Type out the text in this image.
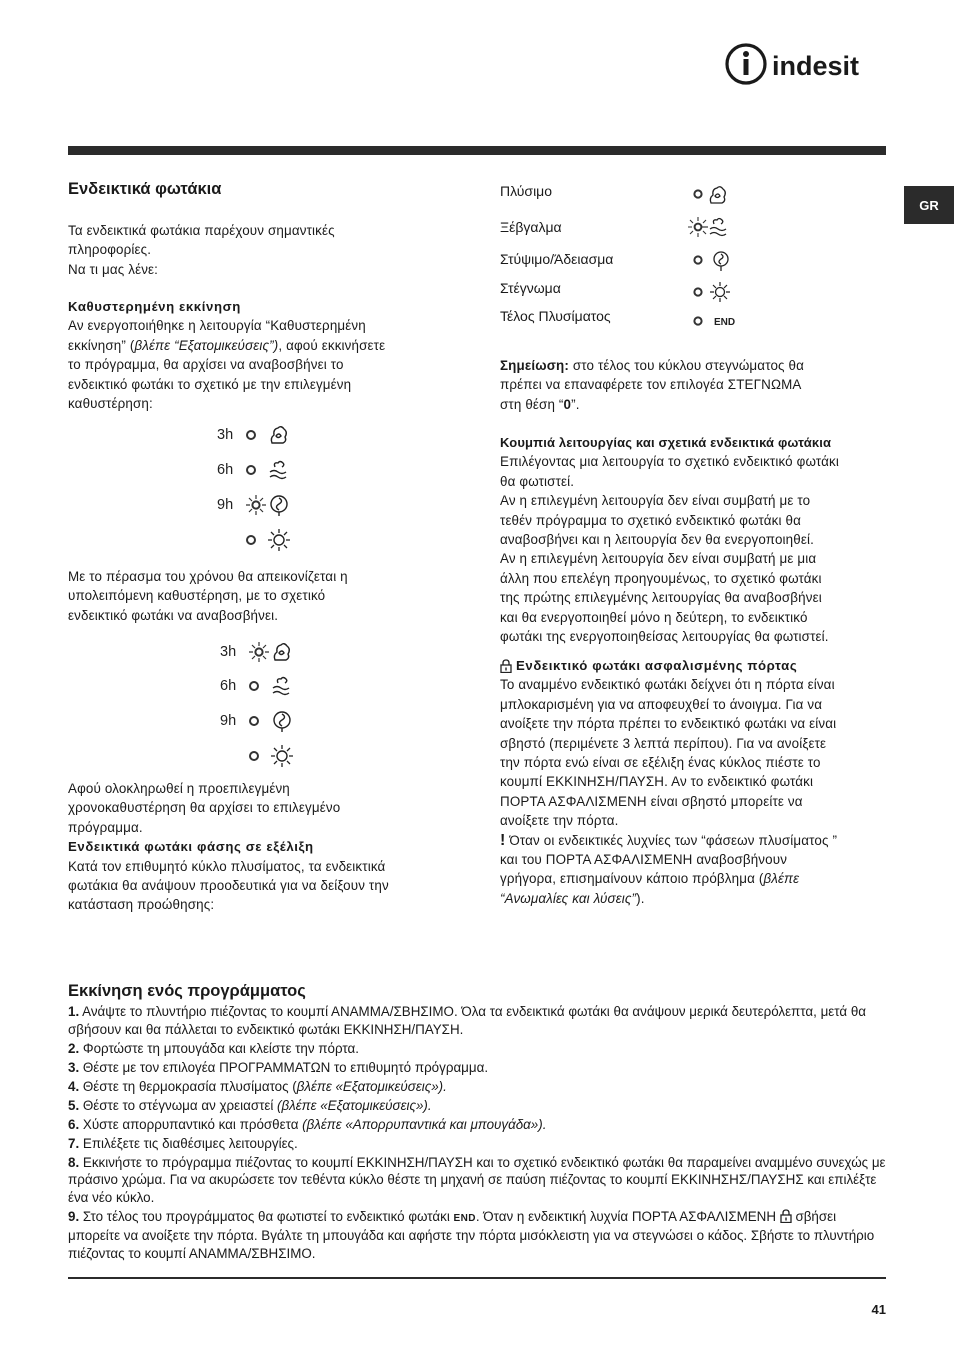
indesit
GR
Ενδεικτικά φωτάκια
Τα ενδεικτικά φωτάκια παρέχουν σημαντικές
πληροφορίες.
Να τι μας λένε:
Καθυστερημένη εκκίνηση
Αν ενεργοποιήθηκε η λειτουργία “Καθυστερημένη
εκκίνηση” (βλέπε “Εξατομικεύσεις”), αφού εκκινήσετε
το πρόγραμμα, θα αρχίσει να αναβοσβήνει το
ενδεικτικό φωτάκι το σχετικό με την επιλεγμένη
καθυστέρηση:
3h
6h
9h
Με το πέρασμα του χρόνου θα απεικονίζεται η
υπολειπόμενη καθυστέρηση, με το σχετικό
ενδεικτικό φωτάκι να αναβοσβήνει.
3h
6h
9h
Αφού ολοκληρωθεί η προεπιλεγμένη
χρονοκαθυστέρηση θα αρχίσει το επιλεγμένο
πρόγραμμα.
Ενδεικτικά φωτάκι φάσης σε εξέλιξη
Κατά τον επιθυμητό κύκλο πλυσίματος, τα ενδεικτικά
φωτάκια θα ανάψουν προοδευτικά για να δείξουν την
κατάσταση προώθησης:
Πλύσιμο
Ξέβγαλμα
Στύψιμο/Άδειασμα
Στέγνωμα
Τέλος Πλυσίματος	END
Σημείωση: στο τέλος του κύκλου στεγνώματος θα
πρέπει να επαναφέρετε τον επιλογέα ΣΤΕΓΝΩΜΑ
στη θέση “0”.
Κουμπιά λειτουργίας και σχετικά ενδεικτικά φωτάκια
Επιλέγοντας μια λειτουργία το σχετικό ενδεικτικό φωτάκι
θα φωτιστεί.
Αν η επιλεγμένη λειτουργία δεν είναι συμβατή με το
τεθέν πρόγραμμα το σχετικό ενδεικτικό φωτάκι θα
αναβοσβήνει και η λειτουργία δεν θα ενεργοποιηθεί.
Αν η επιλεγμένη λειτουργία δεν είναι συμβατή με μια
άλλη που επελέγη προηγουμένως, το σχετικό φωτάκι
της πρώτης επιλεγμένης λειτουργίας θα αναβοσβήνει
και θα ενεργοποιηθεί μόνο η δεύτερη, το ενδεικτικό
φωτάκι της ενεργοποιηθείσας λειτουργίας θα φωτιστεί.
Ενδεικτικό φωτάκι ασφαλισμένης πόρτας
Το αναμμένο ενδεικτικό φωτάκι δείχνει ότι η πόρτα είναι
μπλοκαρισμένη για να αποφευχθεί το άνοιγμα. Για να
ανοίξετε την πόρτα πρέπει το ενδεικτικό φωτάκι να είναι
σβηστό (περιμένετε 3 λεπτά περίπου). Για να ανοίξετε
την πόρτα ενώ είναι σε εξέλιξη ένας κύκλος πιέστε το
κουμπί ΕΚΚΙΝΗΣΗ/ΠΑΥΣΗ. Αν το ενδεικτικό φωτάκι
ΠΟΡΤΑ ΑΣΦΑΛΙΣΜΕΝΗ είναι σβηστό μπορείτε να
ανοίξετε την πόρτα.
! Όταν οι ενδεικτικές λυχνίες των “φάσεων πλυσίματος ”
και του ΠΟΡΤΑ ΑΣΦΑΛΙΣΜΕΝΗ αναβοσβήνουν
γρήγορα, επισημαίνουν κάποιο πρόβλημα (βλέπε
“Ανωμαλίες και λύσεις”).
Εκκίνηση ενός προγράμματος
1. Ανάψτε το πλυντήριο πιέζοντας το κουμπί ΑΝΑΜΜΑ/ΣΒΗΣΙΜΟ. Όλα τα ενδεικτικά φωτάκι θα ανάψουν μερικά δευτερόλεπτα, μετά θα σβήσουν και θα πάλλεται το ενδεικτικό φωτάκι ΕΚΚΙΝΗΣΗ/ΠΑΥΣΗ.
2. Φορτώστε τη μπουγάδα και κλείστε την πόρτα.
3. Θέστε με τον επιλογέα ΠΡΟΓΡΑΜΜΑΤΩΝ το επιθυμητό πρόγραμμα.
4. Θέστε τη θερμοκρασία πλυσίματος (βλέπε «Εξατομικεύσεις»).
5. Θέστε το στέγνωμα αν χρειαστεί (βλέπε «Εξατομικεύσεις»).
6. Χύστε απορρυπαντικό και πρόσθετα (βλέπε «Απορρυπαντικά και μπουγάδα»).
7. Επιλέξετε τις διαθέσιμες λειτουργίες.
8. Εκκινήστε το πρόγραμμα πιέζοντας το κουμπί ΕΚΚΙΝΗΣΗ/ΠΑΥΣΗ και το σχετικό ενδεικτικό φωτάκι θα παραμείνει αναμμένο συνεχώς με πράσινο χρώμα. Για να ακυρώσετε τον τεθέντα κύκλο θέστε τη μηχανή σε παύση πιέζοντας το κουμπί ΕΚΚΙΝΗΣΗΣ/ΠΑΥΣΗΣ και επιλέξτε ένα νέο κύκλο.
9. Στο τέλος του προγράμματος θα φωτιστεί το ενδεικτικό φωτάκι END. Όταν η ενδεικτική λυχνία ΠΟΡΤΑ ΑΣΦΑΛΙΣΜΕΝΗ  σβήσει μπορείτε να ανοίξετε την πόρτα. Βγάλτε τη μπουγάδα και αφήστε την πόρτα μισόκλειστη για να στεγνώσει ο κάδος. Σβήστε το πλυντήριο πιέζοντας το κουμπί ΑΝΑΜΜΑ/ΣΒΗΣΙΜΟ.
41
